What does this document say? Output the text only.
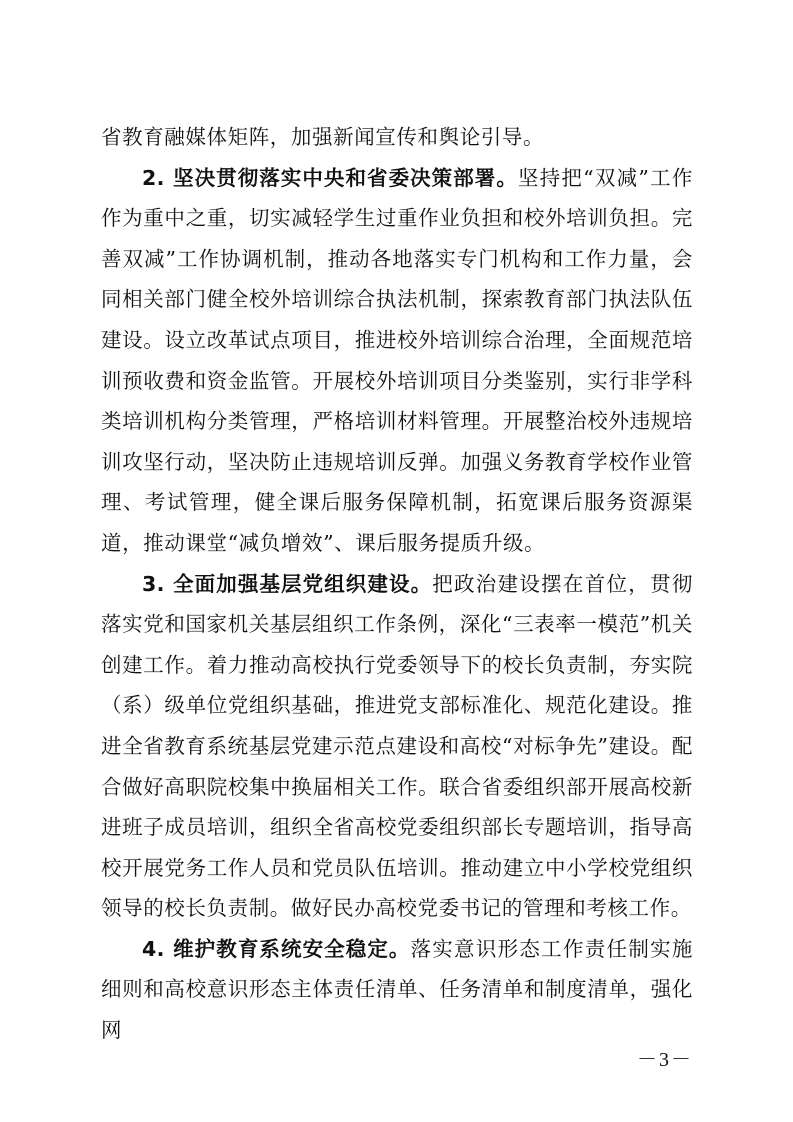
省教育融媒体矩阵，加强新闻宣传和舆论引导。

2. 坚决贯彻落实中央和省委决策部署。坚持把“双减”工作作为重中之重，切实减轻学生过重作业负担和校外培训负担。完善双减”工作协调机制，推动各地落实专门机构和工作力量，会同相关部门健全校外培训综合执法机制，探索教育部门执法队伍建设。设立改革试点项目，推进校外培训综合治理，全面规范培训预收费和资金监管。开展校外培训项目分类鉴别，实行非学科类培训机构分类管理，严格培训材料管理。开展整治校外违规培训攻坚行动，坚决防止违规培训反弹。加强义务教育学校作业管理、考试管理，健全课后服务保障机制，拓宽课后服务资源渠道，推动课堂“减负增效”、课后服务提质升级。

3. 全面加强基层党组织建设。把政治建设摆在首位，贯彻落实党和国家机关基层组织工作条例，深化“三表率一模范”机关创建工作。着力推动高校执行党委领导下的校长负责制，夯实院（系）级单位党组织基础，推进党支部标准化、规范化建设。推进全省教育系统基层党建示范点建设和高校“对标争先”建设。配合做好高职院校集中换届相关工作。联合省委组织部开展高校新进班子成员培训，组织全省高校党委组织部长专题培训，指导高校开展党务工作人员和党员队伍培训。推动建立中小学校党组织领导的校长负责制。做好民办高校党委书记的管理和考核工作。

4. 维护教育系统安全稳定。落实意识形态工作责任制实施细则和高校意识形态主体责任清单、任务清单和制度清单，强化网

－3－
